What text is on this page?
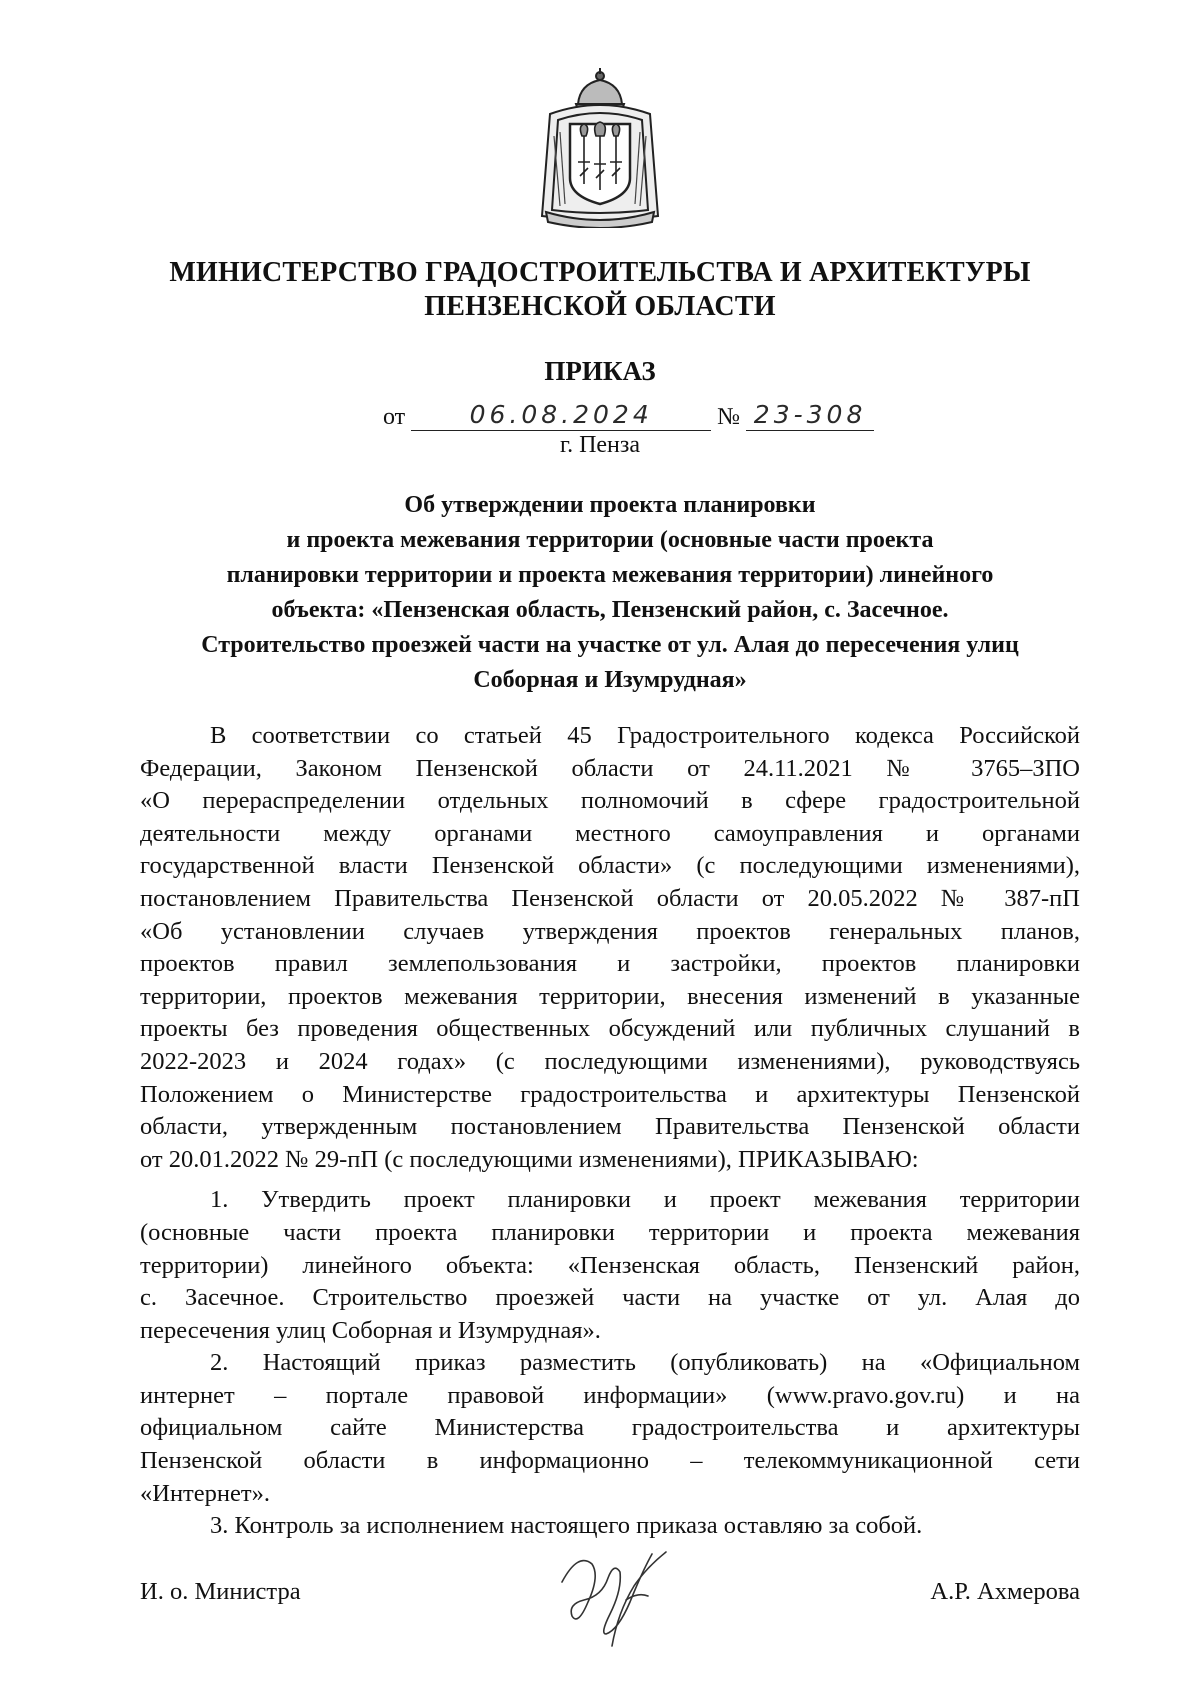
МИНИСТЕРСТВО ГРАДОСТРОИТЕЛЬСТВА И АРХИТЕКТУРЫ
ПЕНЗЕНСКОЙ ОБЛАСТИ
ПРИКАЗ
от	06.08.2024	№ 23-308
г. Пенза
Об утверждении проекта планировки
и проекта межевания территории (основные части проекта
планировки территории и проекта межевания территории) линейного
объекта: «Пензенская область, Пензенский район, с. Засечное.
Строительство проезжей части на участке от ул. Алая до пересечения улиц
Соборная и Изумрудная»
В соответствии со статьей 45 Градостроительного кодекса Российской
Федерации, Законом Пензенской области от 24.11.2021 № 3765–ЗПО
«О перераспределении отдельных полномочий в сфере градостроительной
деятельности между органами местного самоуправления и органами
государственной власти Пензенской области» (с последующими изменениями),
постановлением Правительства Пензенской области от 20.05.2022 № 387-пП
«Об установлении случаев утверждения проектов генеральных планов,
проектов правил землепользования и застройки, проектов планировки
территории, проектов межевания территории, внесения изменений в указанные
проекты без проведения общественных обсуждений или публичных слушаний в
2022-2023 и 2024 годах» (с последующими изменениями), руководствуясь
Положением о Министерстве градостроительства и архитектуры Пензенской
области, утвержденным постановлением Правительства Пензенской области
от 20.01.2022 № 29-пП (с последующими изменениями), ПРИКАЗЫВАЮ:
1. Утвердить проект планировки и проект межевания территории
(основные части проекта планировки территории и проекта межевания
территории) линейного объекта: «Пензенская область, Пензенский район,
с. Засечное. Строительство проезжей части на участке от ул. Алая до
пересечения улиц Соборная и Изумрудная».
2. Настоящий приказ разместить (опубликовать) на «Официальном
интернет – портале правовой информации» (www.pravo.gov.ru) и на
официальном сайте Министерства градостроительства и архитектуры
Пензенской области в информационно – телекоммуникационной сети
«Интернет».
3. Контроль за исполнением настоящего приказа оставляю за собой.
И. о. Министра	А.Р. Ахмерова
